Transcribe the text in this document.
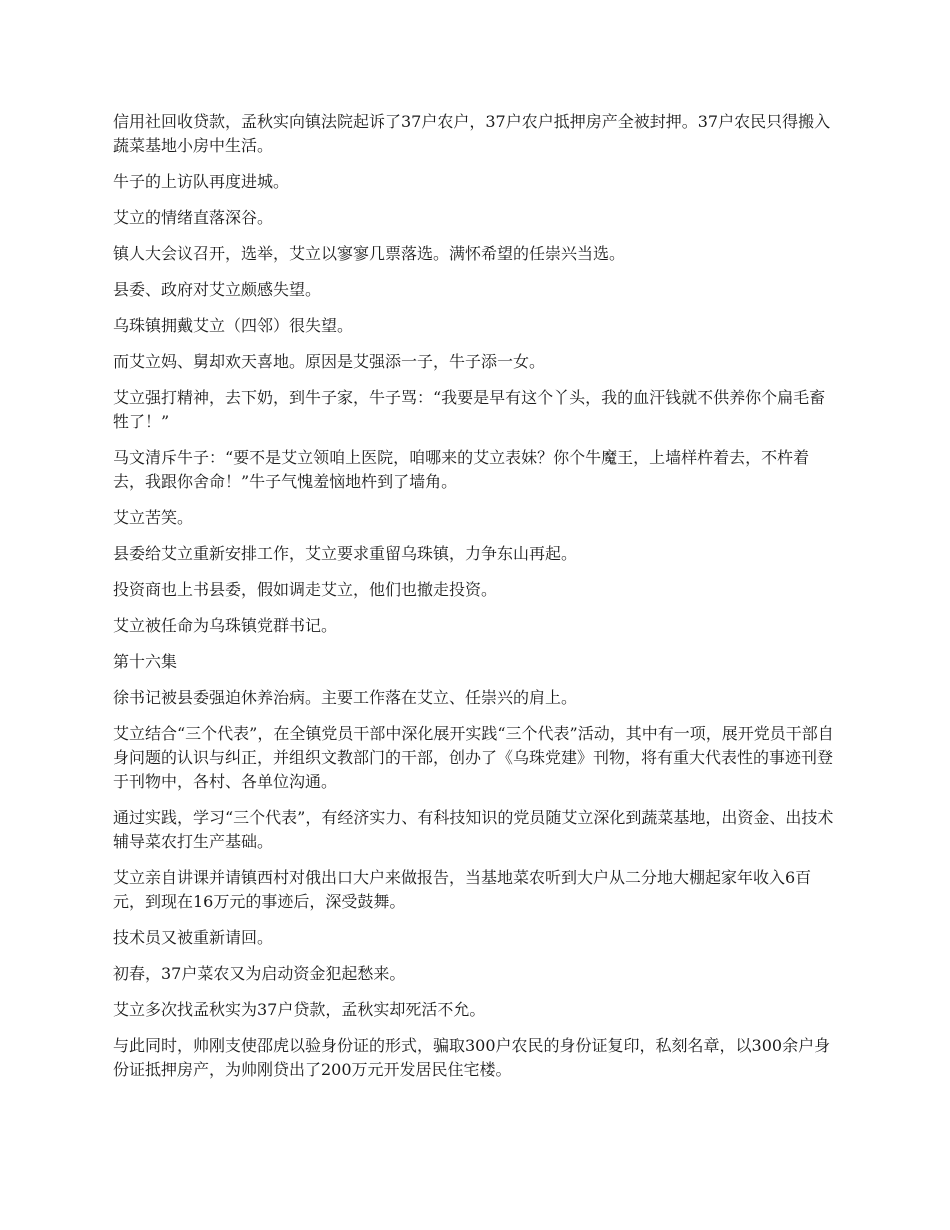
信用社回收贷款，孟秋实向镇法院起诉了37户农户，37户农户抵押房产全被封押。37户农民只得搬入蔬菜基地小房中生活。

牛子的上访队再度进城。

艾立的情绪直落深谷。

镇人大会议召开，选举，艾立以寥寥几票落选。满怀希望的任崇兴当选。

县委、政府对艾立颇感失望。

乌珠镇拥戴艾立（四邻）很失望。

而艾立妈、舅却欢天喜地。原因是艾强添一子，牛子添一女。

艾立强打精神，去下奶，到牛子家，牛子骂：“我要是早有这个丫头，我的血汗钱就不供养你个扁毛畜牲了！”

马文清斥牛子：“要不是艾立领咱上医院，咱哪来的艾立表妹？你个牛魔王，上墙样杵着去，不杵着去，我跟你舍命！”牛子气愧羞恼地杵到了墙角。

艾立苦笑。

县委给艾立重新安排工作，艾立要求重留乌珠镇，力争东山再起。

投资商也上书县委，假如调走艾立，他们也撤走投资。

艾立被任命为乌珠镇党群书记。

第十六集

徐书记被县委强迫休养治病。主要工作落在艾立、任崇兴的肩上。

艾立结合“三个代表”，在全镇党员干部中深化展开实践“三个代表”活动，其中有一项，展开党员干部自身问题的认识与纠正，并组织文教部门的干部，创办了《乌珠党建》刊物，将有重大代表性的事迹刊登于刊物中，各村、各单位沟通。

通过实践，学习“三个代表”，有经济实力、有科技知识的党员随艾立深化到蔬菜基地，出资金、出技术辅导菜农打生产基础。

艾立亲自讲课并请镇西村对俄出口大户来做报告，当基地菜农听到大户从二分地大棚起家年收入6百元，到现在16万元的事迹后，深受鼓舞。

技术员又被重新请回。

初春，37户菜农又为启动资金犯起愁来。

艾立多次找孟秋实为37户贷款，孟秋实却死活不允。

与此同时，帅刚支使邵虎以验身份证的形式，骗取300户农民的身份证复印，私刻名章，以300余户身份证抵押房产，为帅刚贷出了200万元开发居民住宅楼。
